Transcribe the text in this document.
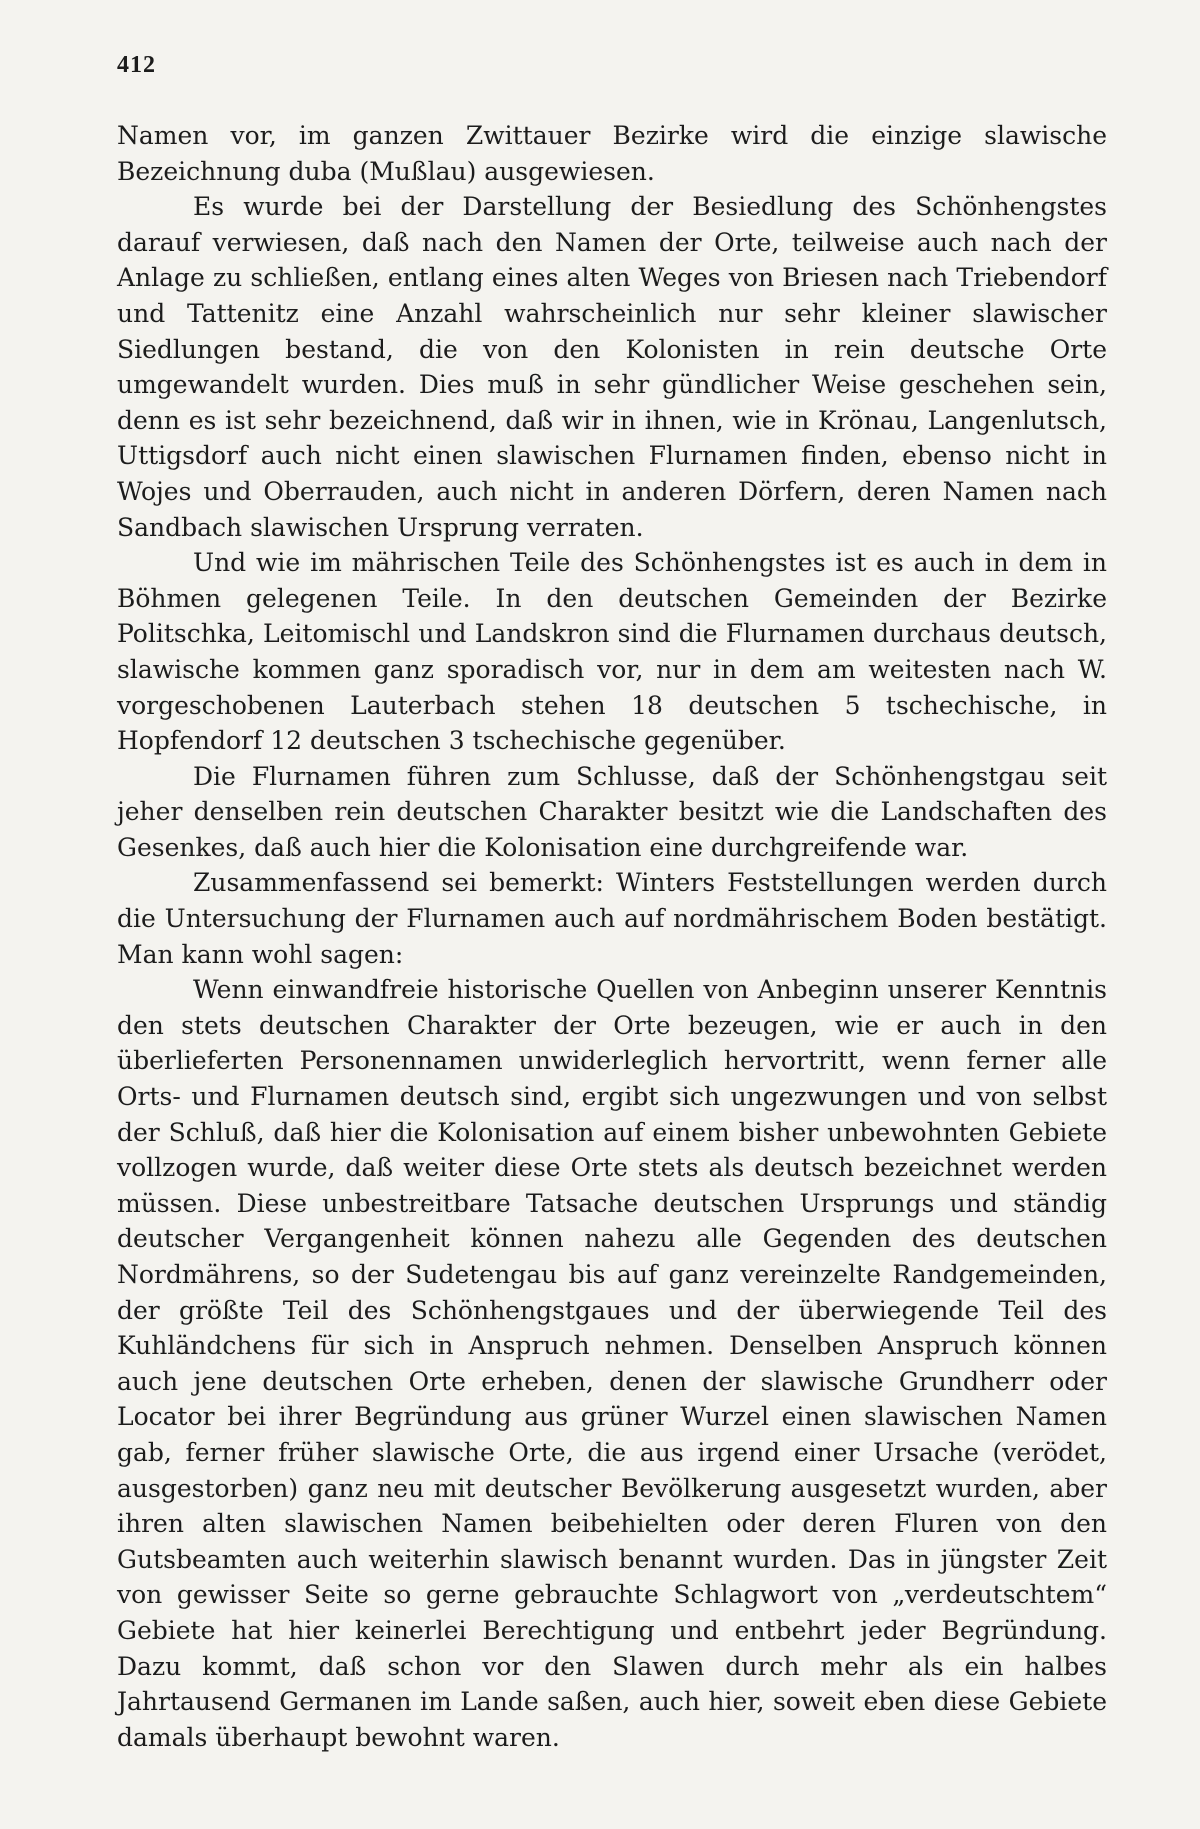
412

Namen vor, im ganzen Zwittauer Bezirke wird die einzige slawische Bezeichnung duba (Mußlau) ausgewiesen.

Es wurde bei der Darstellung der Besiedlung des Schönhengstes darauf verwiesen, daß nach den Namen der Orte, teilweise auch nach der Anlage zu schließen, entlang eines alten Weges von Briesen nach Triebendorf und Tattenitz eine Anzahl wahrscheinlich nur sehr kleiner slawischer Siedlungen bestand, die von den Kolonisten in rein deutsche Orte umgewandelt wurden. Dies muß in sehr gündlicher Weise geschehen sein, denn es ist sehr bezeichnend, daß wir in ihnen, wie in Krönau, Langenlutsch, Uttigsdorf auch nicht einen slawischen Flurnamen finden, ebenso nicht in Wojes und Oberrauden, auch nicht in anderen Dörfern, deren Namen nach Sandbach slawischen Ursprung verraten.

Und wie im mährischen Teile des Schönhengstes ist es auch in dem in Böhmen gelegenen Teile. In den deutschen Gemeinden der Bezirke Politschka, Leitomischl und Landskron sind die Flurnamen durchaus deutsch, slawische kommen ganz sporadisch vor, nur in dem am weitesten nach W. vorgeschobenen Lauterbach stehen 18 deutschen 5 tschechische, in Hopfendorf 12 deutschen 3 tschechische gegenüber.

Die Flurnamen führen zum Schlusse, daß der Schönhengstgau seit jeher denselben rein deutschen Charakter besitzt wie die Landschaften des Gesenkes, daß auch hier die Kolonisation eine durchgreifende war.

Zusammenfassend sei bemerkt: Winters Feststellungen werden durch die Untersuchung der Flurnamen auch auf nordmährischem Boden bestätigt. Man kann wohl sagen:

Wenn einwandfreie historische Quellen von Anbeginn unserer Kenntnis den stets deutschen Charakter der Orte bezeugen, wie er auch in den überlieferten Personennamen unwiderleglich hervortritt, wenn ferner alle Orts- und Flurnamen deutsch sind, ergibt sich ungezwungen und von selbst der Schluß, daß hier die Kolonisation auf einem bisher unbewohnten Gebiete vollzogen wurde, daß weiter diese Orte stets als deutsch bezeichnet werden müssen. Diese unbestreitbare Tatsache deutschen Ursprungs und ständig deutscher Vergangenheit können nahezu alle Gegenden des deutschen Nordmährens, so der Sudetengau bis auf ganz vereinzelte Randgemeinden, der größte Teil des Schönhengstgaues und der überwiegende Teil des Kuhländchens für sich in Anspruch nehmen. Denselben Anspruch können auch jene deutschen Orte erheben, denen der slawische Grundherr oder Locator bei ihrer Begründung aus grüner Wurzel einen slawischen Namen gab, ferner früher slawische Orte, die aus irgend einer Ursache (verödet, ausgestorben) ganz neu mit deutscher Bevölkerung ausgesetzt wurden, aber ihren alten slawischen Namen beibehielten oder deren Fluren von den Gutsbeamten auch weiterhin slawisch benannt wurden. Das in jüngster Zeit von gewisser Seite so gerne gebrauchte Schlagwort von „verdeutschtem“ Gebiete hat hier keinerlei Berechtigung und entbehrt jeder Begründung. Dazu kommt, daß schon vor den Slawen durch mehr als ein halbes Jahrtausend Germanen im Lande saßen, auch hier, soweit eben diese Gebiete damals überhaupt bewohnt waren.
